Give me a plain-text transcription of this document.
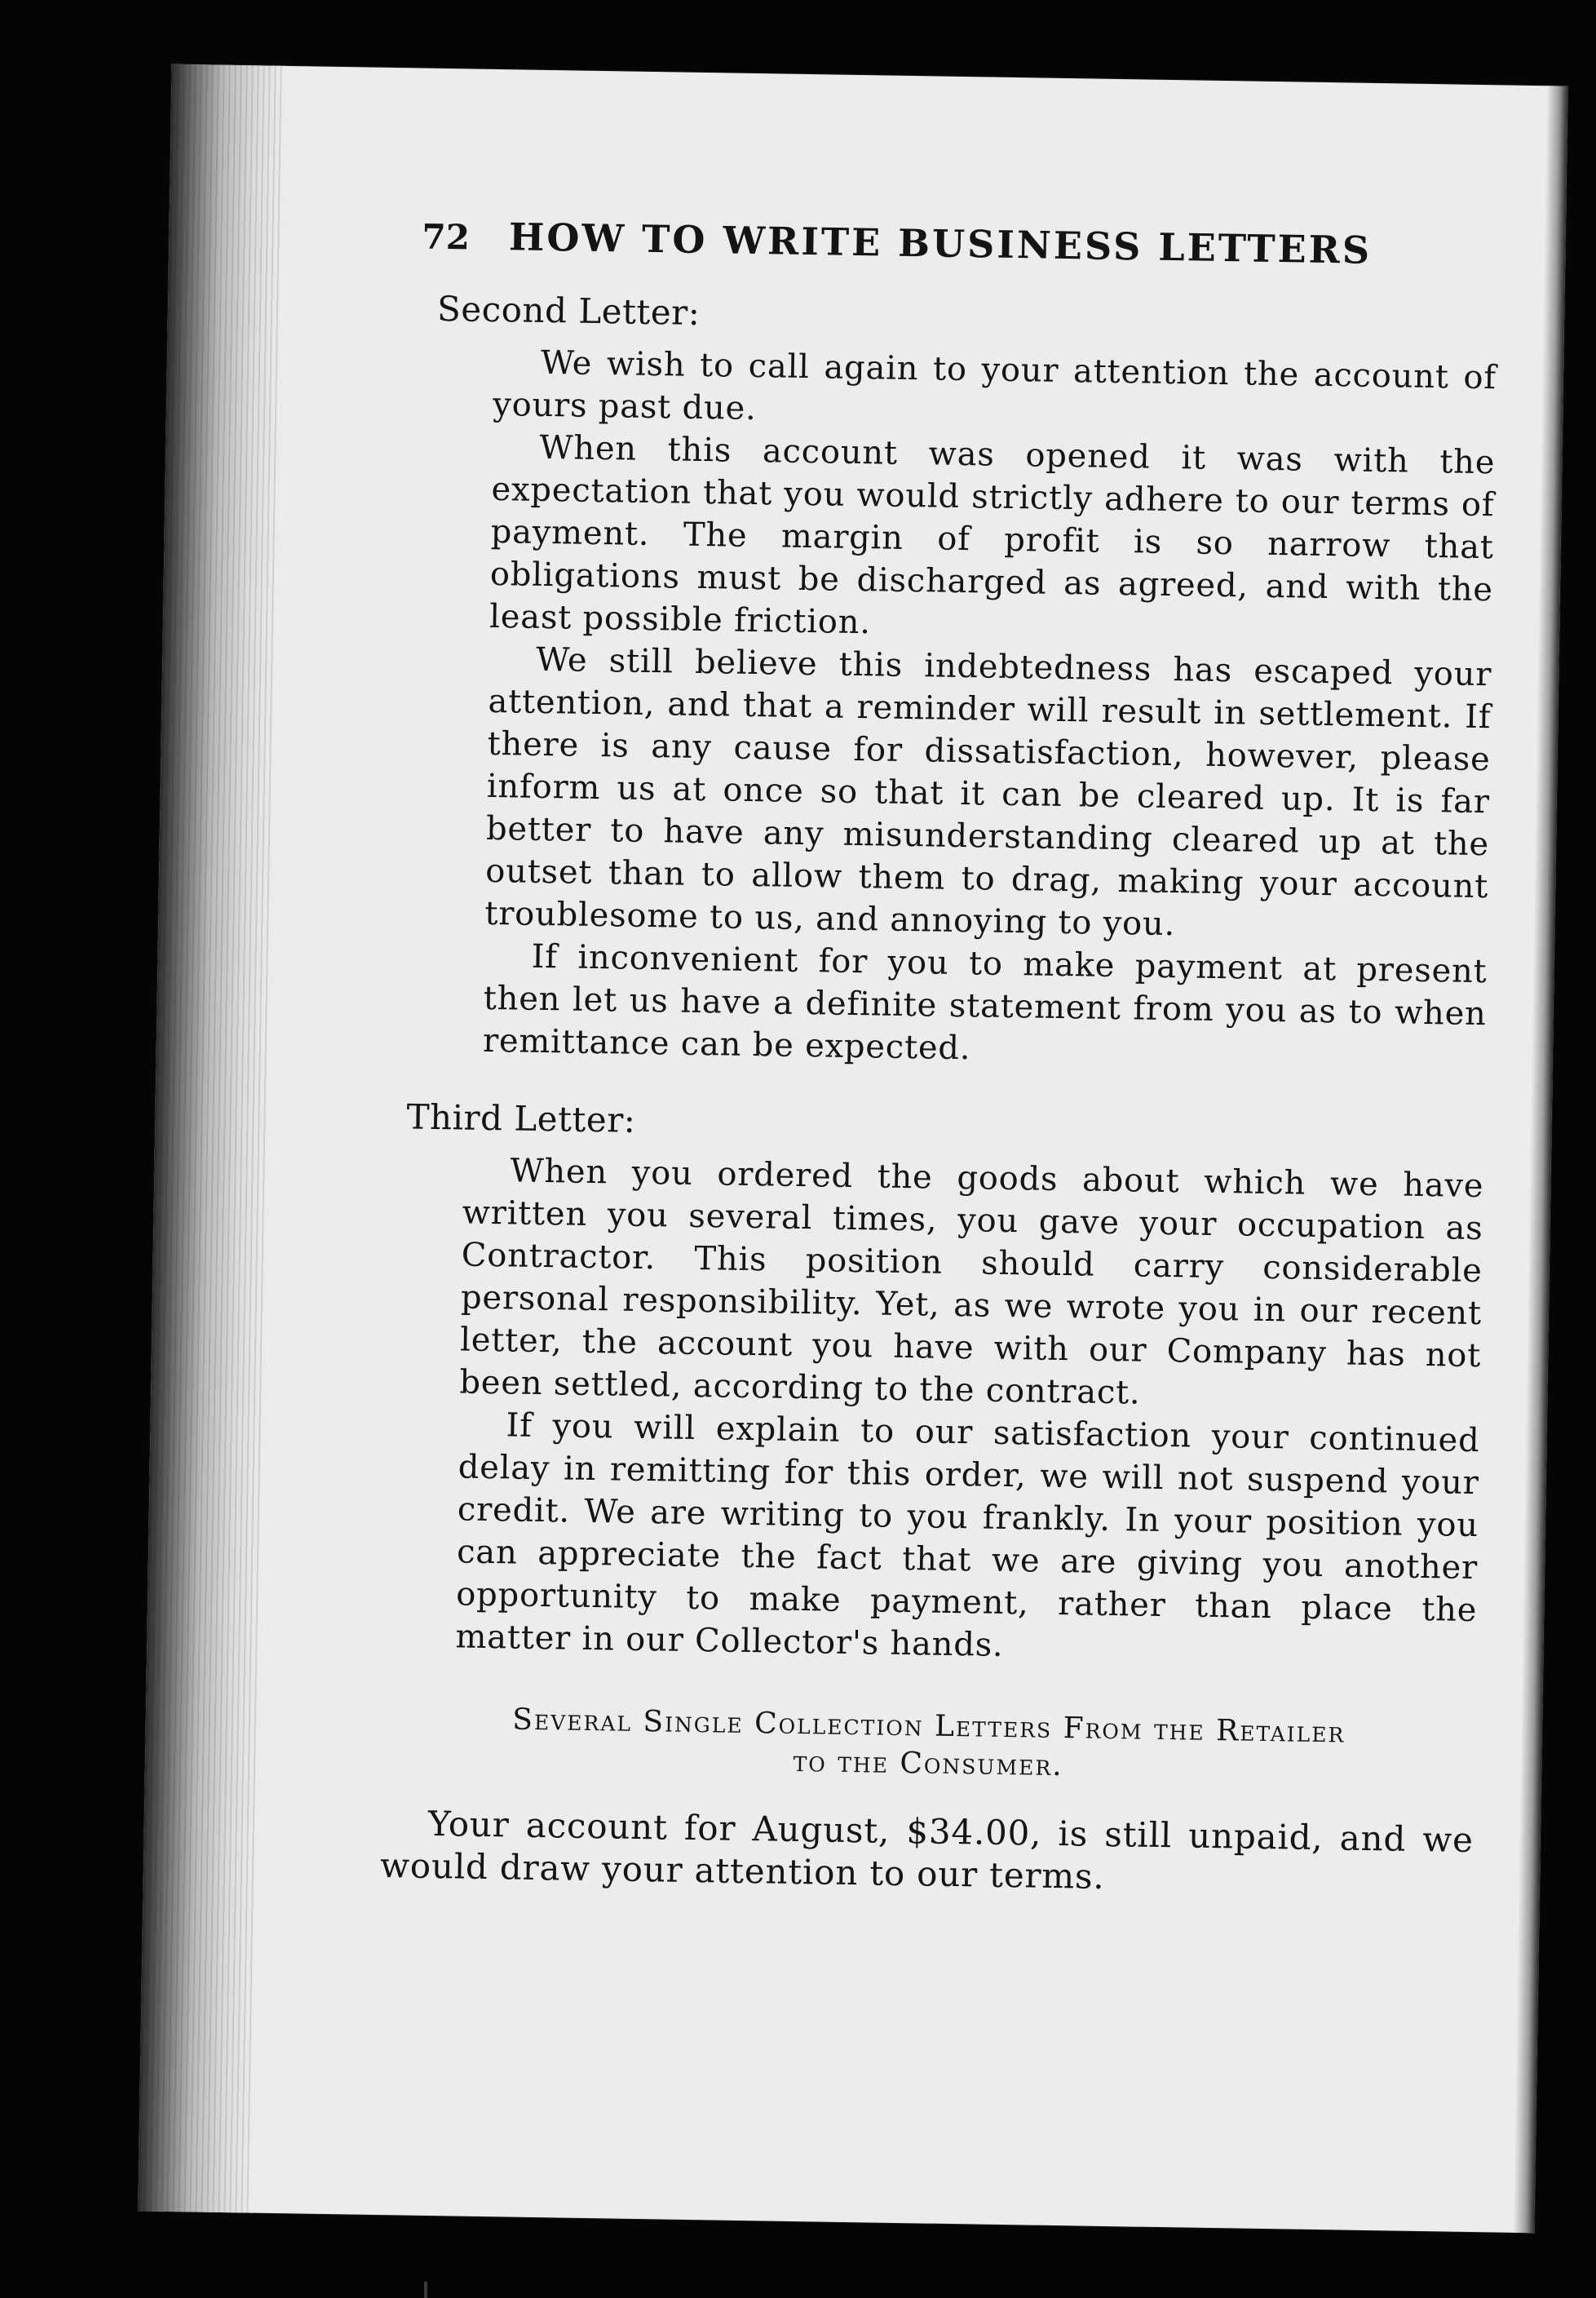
72 HOW TO WRITE BUSINESS LETTERS
Second Letter:

We wish to call again to your attention the account of yours past due.

When this account was opened it was with the expectation that you would strictly adhere to our terms of payment. The margin of profit is so narrow that obligations must be discharged as agreed, and with the least possible friction.

We still believe this indebtedness has escaped your attention, and that a reminder will result in settlement. If there is any cause for dissatisfaction, however, please inform us at once so that it can be cleared up. It is far better to have any misunderstanding cleared up at the outset than to allow them to drag, making your account troublesome to us, and annoying to you.

If inconvenient for you to make payment at present then let us have a definite statement from you as to when remittance can be expected.

Third Letter:

When you ordered the goods about which we have written you several times, you gave your occupation as Contractor. This position should carry considerable personal responsibility. Yet, as we wrote you in our recent letter, the account you have with our Company has not been settled, according to the contract.

If you will explain to our satisfaction your continued delay in remitting for this order, we will not suspend your credit. We are writing to you frankly. In your position you can appreciate the fact that we are giving you another opportunity to make payment, rather than place the matter in our Collector's hands.

Several Single Collection Letters From the Retailer
to the Consumer.

Your account for August, $34.00, is still unpaid, and we would draw your attention to our terms.
